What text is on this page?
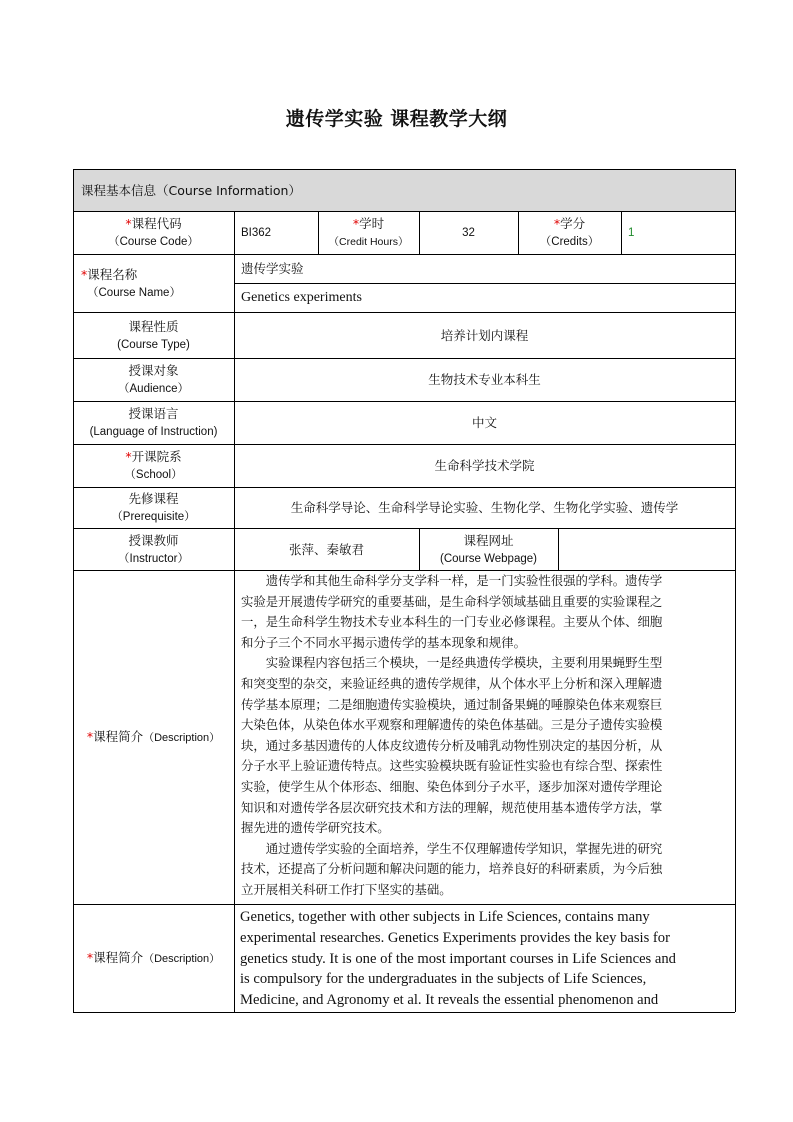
遗传学实验 课程教学大纲
课程基本信息（Course Information）
*课程代码
（Course Code）
BI362
*学时
（Credit Hours）
32
*学分
（Credits）
1
*课程名称
（Course Name）
遗传学实验
Genetics experiments
课程性质
(Course Type)
培养计划内课程
授课对象
（Audience）
生物技术专业本科生
授课语言
(Language of Instruction)
中文
*开课院系
（School）
生命科学技术学院
先修课程
（Prerequisite）
生命科学导论、生命科学导论实验、生物化学、生物化学实验、遗传学
授课教师
（Instructor）
张萍、秦敏君
课程网址
(Course Webpage)
*课程简介（Description）
遗传学和其他生命科学分支学科一样，是一门实验性很强的学科。遗传学
实验是开展遗传学研究的重要基础，是生命科学领域基础且重要的实验课程之
一，是生命科学生物技术专业本科生的一门专业必修课程。主要从个体、细胞
和分子三个不同水平揭示遗传学的基本现象和规律。
实验课程内容包括三个模块，一是经典遗传学模块，主要利用果蝇野生型
和突变型的杂交，来验证经典的遗传学规律，从个体水平上分析和深入理解遗
传学基本原理；二是细胞遗传实验模块，通过制备果蝇的唾腺染色体来观察巨
大染色体，从染色体水平观察和理解遗传的染色体基础。三是分子遗传实验模
块，通过多基因遗传的人体皮纹遗传分析及哺乳动物性别决定的基因分析，从
分子水平上验证遗传特点。这些实验模块既有验证性实验也有综合型、探索性
实验，使学生从个体形态、细胞、染色体到分子水平，逐步加深对遗传学理论
知识和对遗传学各层次研究技术和方法的理解，规范使用基本遗传学方法，掌
握先进的遗传学研究技术。
通过遗传学实验的全面培养，学生不仅理解遗传学知识，掌握先进的研究
技术，还提高了分析问题和解决问题的能力，培养良好的科研素质，为今后独
立开展相关科研工作打下坚实的基础。
*课程简介（Description）
Genetics, together with other subjects in Life Sciences, contains many
experimental researches. Genetics Experiments provides the key basis for
genetics study. It is one of the most important courses in Life Sciences and
is compulsory for the undergraduates in the subjects of Life Sciences,
Medicine, and Agronomy et al. It reveals the essential phenomenon and
